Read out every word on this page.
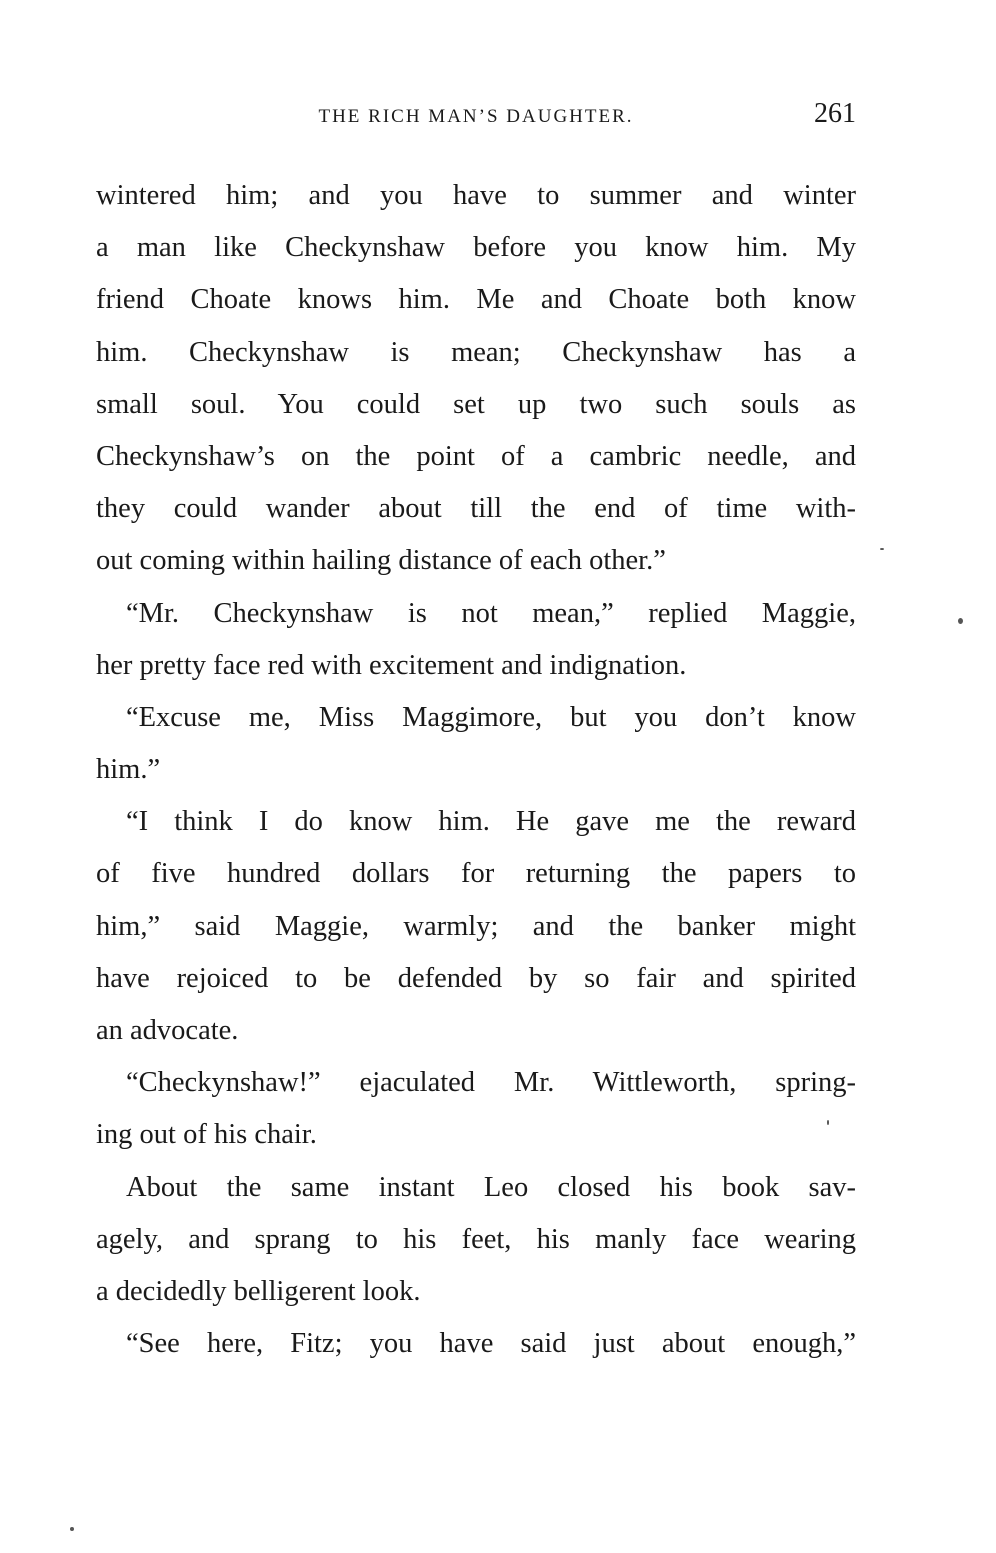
THE RICH MAN’S DAUGHTER.	261
wintered him; and you have to summer and winter
a man like Checkynshaw before you know him. My
friend Choate knows him. Me and Choate both know
him. Checkynshaw is mean; Checkynshaw has a
small soul. You could set up two such souls as
Checkynshaw’s on the point of a cambric needle, and
they could wander about till the end of time with-
out coming within hailing distance of each other.”
“Mr. Checkynshaw is not mean,” replied Maggie,
her pretty face red with excitement and indignation.
“Excuse me, Miss Maggimore, but you don’t know
him.”
“I think I do know him. He gave me the reward
of five hundred dollars for returning the papers to
him,” said Maggie, warmly; and the banker might
have rejoiced to be defended by so fair and spirited
an advocate.
“Checkynshaw!” ejaculated Mr. Wittleworth, spring-
ing out of his chair.
About the same instant Leo closed his book sav-
agely, and sprang to his feet, his manly face wearing
a decidedly belligerent look.
“See here, Fitz; you have said just about enough,”
